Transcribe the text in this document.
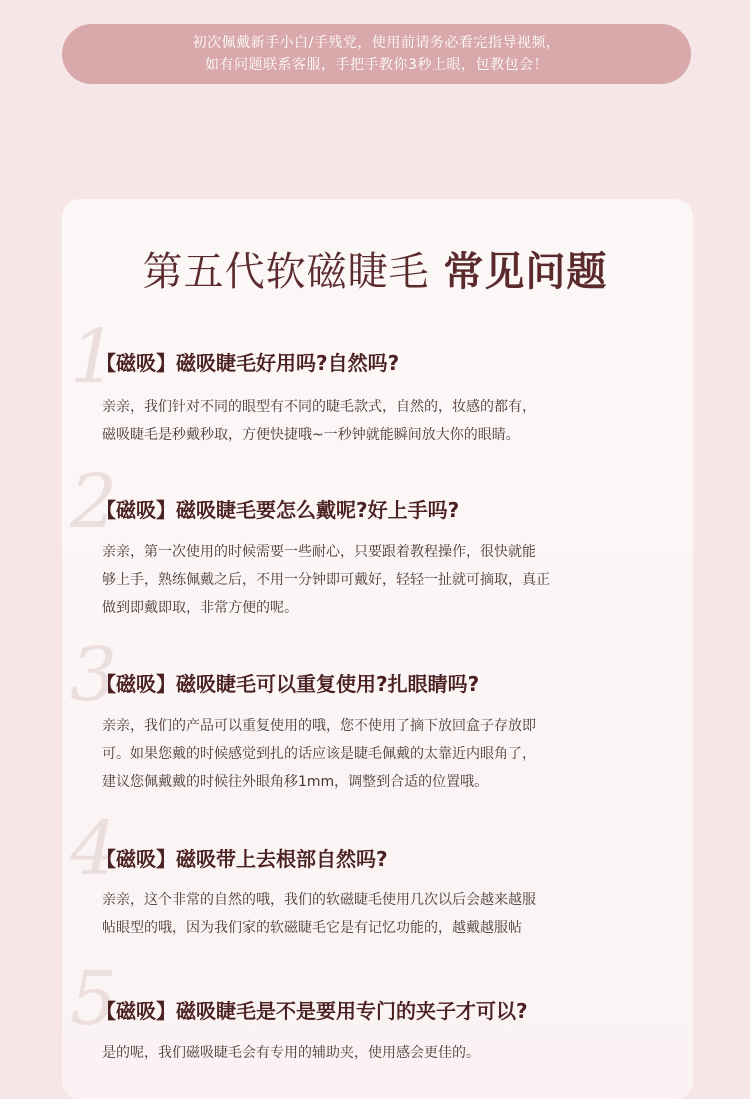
初次佩戴新手小白/手残党，使用前请务必看完指导视频，
如有问题联系客服，手把手教你3秒上眼，包教包会！
第五代软磁睫毛 常见问题
1
【磁吸】磁吸睫毛好用吗?自然吗?
亲亲，我们针对不同的眼型有不同的睫毛款式，自然的，妆感的都有，
磁吸睫毛是秒戴秒取，方便快捷哦~一秒钟就能瞬间放大你的眼睛。
2
【磁吸】磁吸睫毛要怎么戴呢?好上手吗?
亲亲，第一次使用的时候需要一些耐心，只要跟着教程操作，很快就能
够上手，熟练佩戴之后，不用一分钟即可戴好，轻轻一扯就可摘取，真正
做到即戴即取，非常方便的呢。
3
【磁吸】磁吸睫毛可以重复使用?扎眼睛吗?
亲亲，我们的产品可以重复使用的哦，您不使用了摘下放回盒子存放即
可。如果您戴的时候感觉到扎的话应该是睫毛佩戴的太靠近内眼角了，
建议您佩戴戴的时候往外眼角移1mm，调整到合适的位置哦。
4
【磁吸】磁吸带上去根部自然吗?
亲亲，这个非常的自然的哦，我们的软磁睫毛使用几次以后会越来越服
帖眼型的哦，因为我们家的软磁睫毛它是有记忆功能的，越戴越服帖
5
【磁吸】磁吸睫毛是不是要用专门的夹子才可以?
是的呢，我们磁吸睫毛会有专用的辅助夹，使用感会更佳的。
